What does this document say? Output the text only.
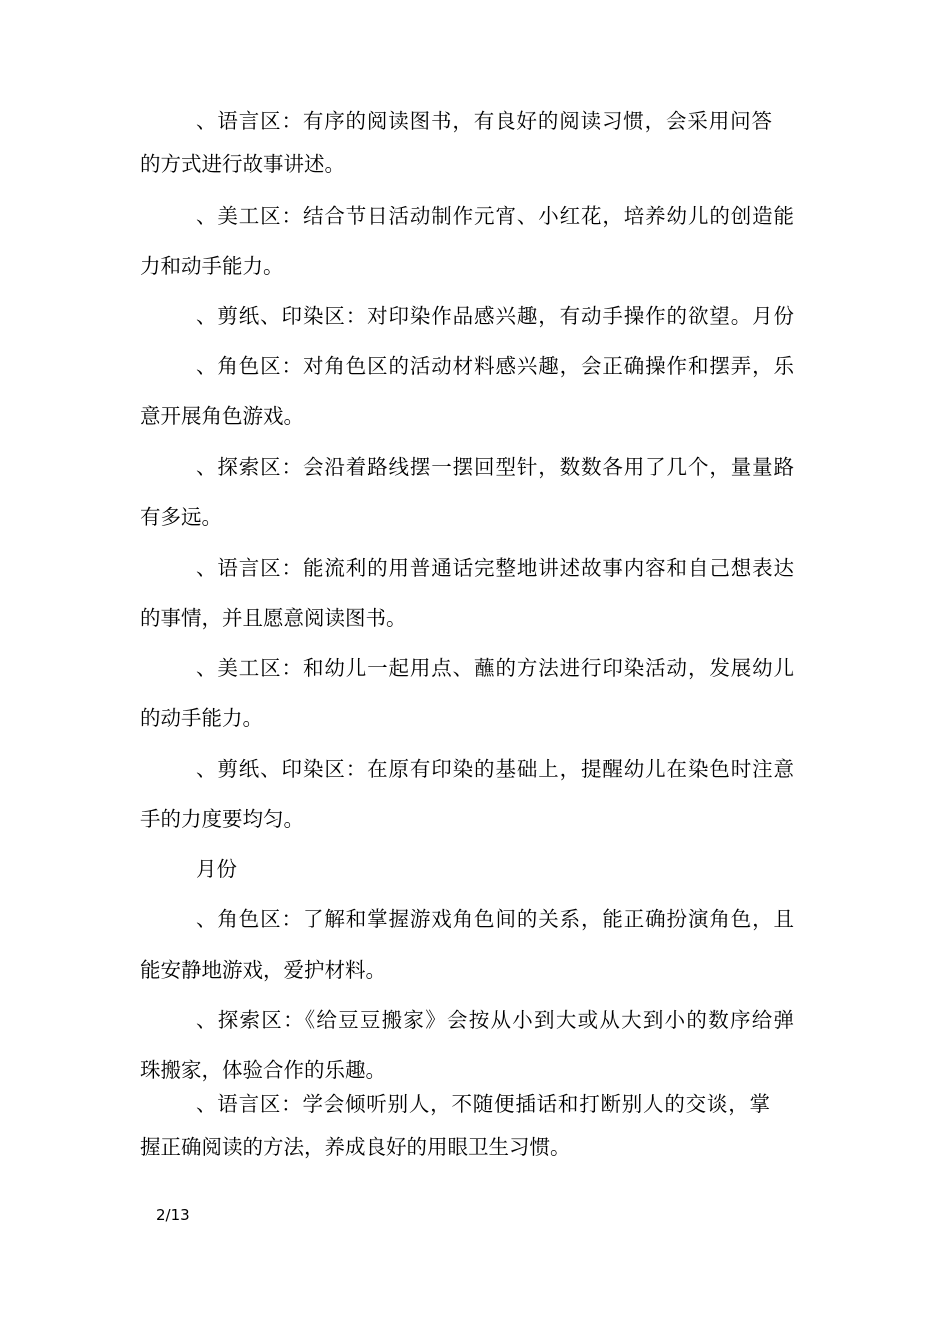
、语言区：有序的阅读图书，有良好的阅读习惯，会采用问答
的方式进行故事讲述。
、美工区：结合节日活动制作元宵、小红花，培养幼儿的创造能
力和动手能力。
、剪纸、印染区：对印染作品感兴趣，有动手操作的欲望。月份
、角色区：对角色区的活动材料感兴趣，会正确操作和摆弄，乐
意开展角色游戏。
、探索区：会沿着路线摆一摆回型针，数数各用了几个，量量路
有多远。
、语言区：能流利的用普通话完整地讲述故事内容和自己想表达
的事情，并且愿意阅读图书。
、美工区：和幼儿一起用点、蘸的方法进行印染活动，发展幼儿
的动手能力。
、剪纸、印染区：在原有印染的基础上，提醒幼儿在染色时注意
手的力度要均匀。
月份
、角色区：了解和掌握游戏角色间的关系，能正确扮演角色，且
能安静地游戏，爱护材料。
、探索区：《给豆豆搬家》会按从小到大或从大到小的数序给弹
珠搬家，体验合作的乐趣。
、语言区：学会倾听别人，不随便插话和打断别人的交谈，掌
握正确阅读的方法，养成良好的用眼卫生习惯。
2/13
